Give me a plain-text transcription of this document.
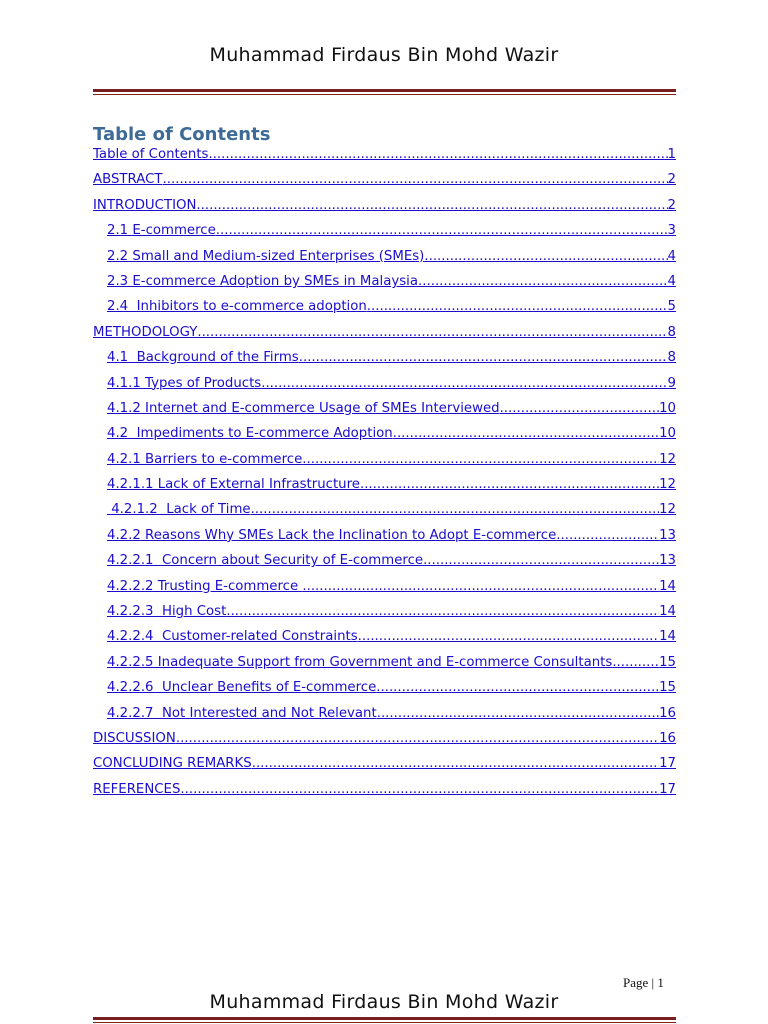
Muhammad Firdaus Bin Mohd Wazir
Table of Contents
Table of Contents .....	1
ABSTRACT .....	2
INTRODUCTION .....	2
2.1 E-commerce .....	3
2.2 Small and Medium-sized Enterprises (SMEs) .....	4
2.3 E-commerce Adoption by SMEs in Malaysia .....	4
2.4  Inhibitors to e-commerce adoption .....	5
METHODOLOGY .....	8
4.1  Background of the Firms .....	8
4.1.1 Types of Products .....	9
4.1.2 Internet and E-commerce Usage of SMEs Interviewed .....	10
4.2  Impediments to E-commerce Adoption .....	10
4.2.1 Barriers to e-commerce .....	12
4.2.1.1 Lack of External Infrastructure .....	12
4.2.1.2  Lack of Time .....	12
4.2.2 Reasons Why SMEs Lack the Inclination to Adopt E-commerce .....	13
4.2.2.1  Concern about Security of E-commerce .....	13
4.2.2.2 Trusting E-commerce .....	14
4.2.2.3  High Cost .....	14
4.2.2.4  Customer-related Constraints .....	14
4.2.2.5 Inadequate Support from Government and E-commerce Consultants .....	15
4.2.2.6  Unclear Benefits of E-commerce .....	15
4.2.2.7  Not Interested and Not Relevant .....	16
DISCUSSION .....	16
CONCLUDING REMARKS .....	17
REFERENCES .....	17
Page | 1
Muhammad Firdaus Bin Mohd Wazir
